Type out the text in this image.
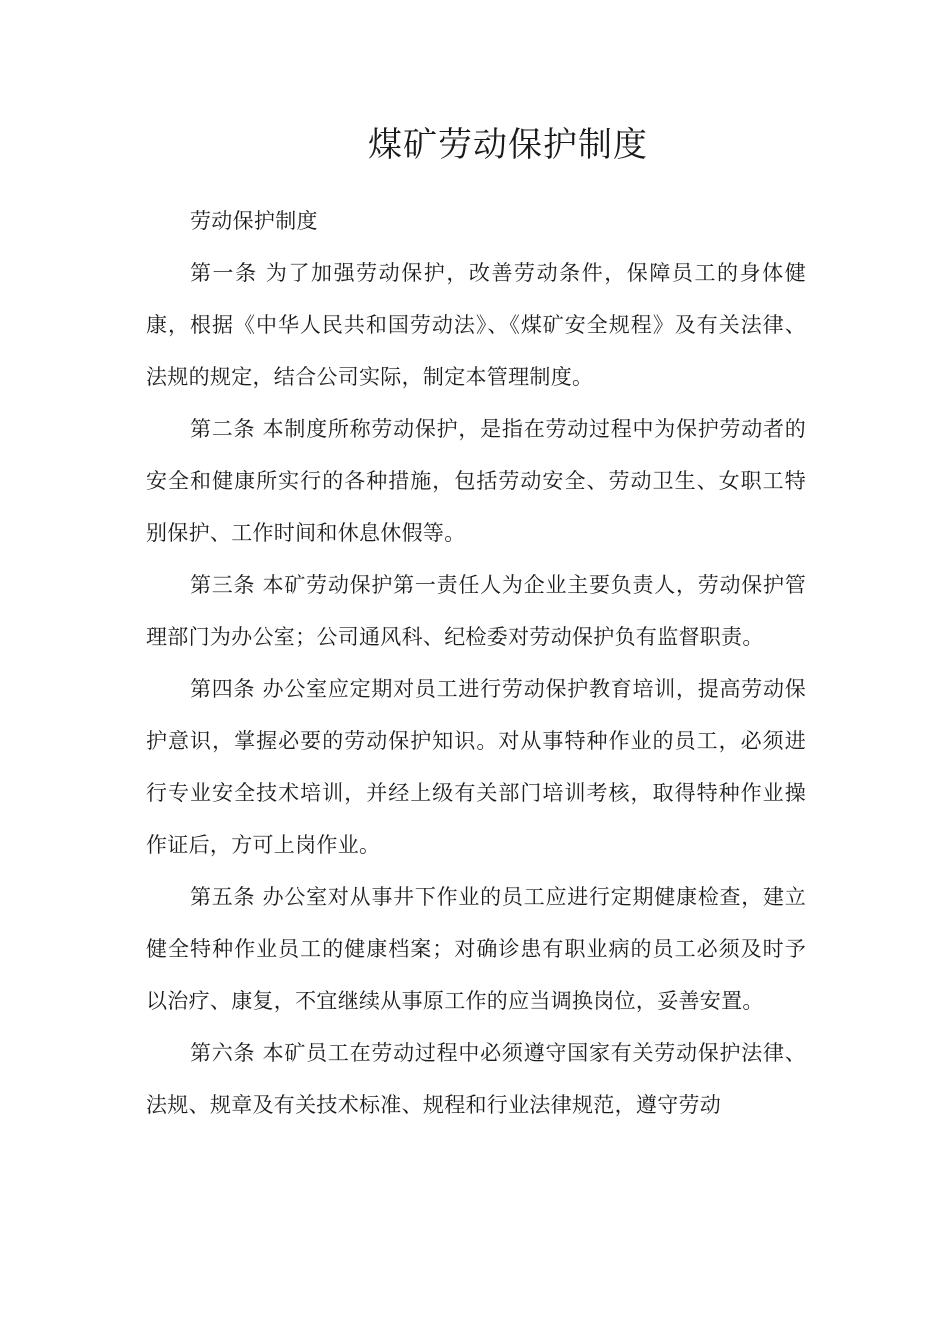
煤矿劳动保护制度

劳动保护制度

第一条 为了加强劳动保护，改善劳动条件，保障员工的身体健康，根据《中华人民共和国劳动法》、《煤矿安全规程》及有关法律、法规的规定，结合公司实际，制定本管理制度。

第二条 本制度所称劳动保护，是指在劳动过程中为保护劳动者的安全和健康所实行的各种措施，包括劳动安全、劳动卫生、女职工特别保护、工作时间和休息休假等。

第三条 本矿劳动保护第一责任人为企业主要负责人，劳动保护管理部门为办公室；公司通风科、纪检委对劳动保护负有监督职责。

第四条 办公室应定期对员工进行劳动保护教育培训，提高劳动保护意识，掌握必要的劳动保护知识。对从事特种作业的员工，必须进行专业安全技术培训，并经上级有关部门培训考核，取得特种作业操作证后，方可上岗作业。

第五条 办公室对从事井下作业的员工应进行定期健康检查，建立健全特种作业员工的健康档案；对确诊患有职业病的员工必须及时予以治疗、康复，不宜继续从事原工作的应当调换岗位，妥善安置。

第六条 本矿员工在劳动过程中必须遵守国家有关劳动保护法律、法规、规章及有关技术标准、规程和行业法律规范，遵守劳动
